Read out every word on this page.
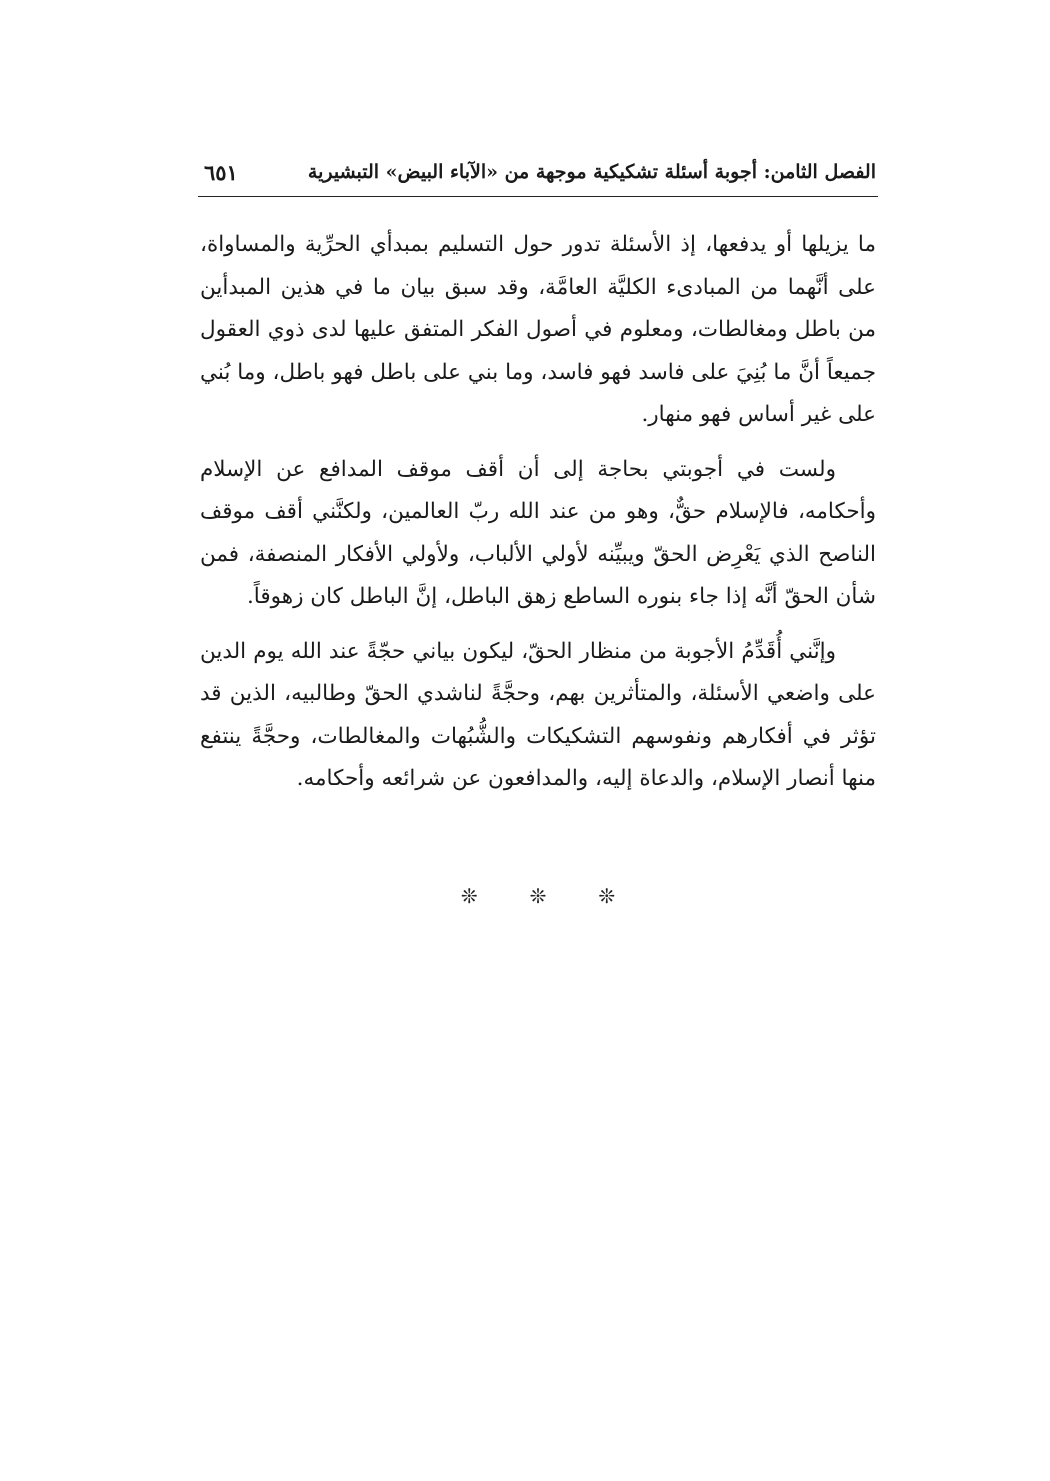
الفصل الثامن: أجوبة أسئلة تشكيكية موجهة من «الآباء البيض» التبشيرية
٦٥١

ما يزيلها أو يدفعها، إذ الأسئلة تدور حول التسليم بمبدأي الحرِّية والمساواة، على أنَّهما من المبادىء الكليَّة العامَّة، وقد سبق بيان ما في هذين المبدأين من باطل ومغالطات، ومعلوم في أصول الفكر المتفق عليها لدى ذوي العقول جميعاً أنَّ ما بُنِيَ على فاسد فهو فاسد، وما بني على باطل فهو باطل، وما بُني على غير أساس فهو منهار.

ولست في أجوبتي بحاجة إلى أن أقف موقف المدافع عن الإسلام وأحكامه، فالإسلام حقٌّ، وهو من عند الله ربّ العالمين، ولكنَّني أقف موقف الناصح الذي يَعْرِض الحقّ ويبيِّنه لأولي الألباب، ولأولي الأفكار المنصفة، فمن شأن الحقّ أنَّه إذا جاء بنوره الساطع زهق الباطل، إنَّ الباطل كان زهوقاً.

وإنَّني أُقَدِّمُ الأجوبة من منظار الحقّ، ليكون بياني حجّةً عند الله يوم الدين على واضعي الأسئلة، والمتأثرين بهم، وحجَّةً لناشدي الحقّ وطالبيه، الذين قد تؤثر في أفكارهم ونفوسهم التشكيكات والشُّبُهات والمغالطات، وحجَّةً ينتفع منها أنصار الإسلام، والدعاة إليه، والمدافعون عن شرائعه وأحكامه.

❊	❊	❊
